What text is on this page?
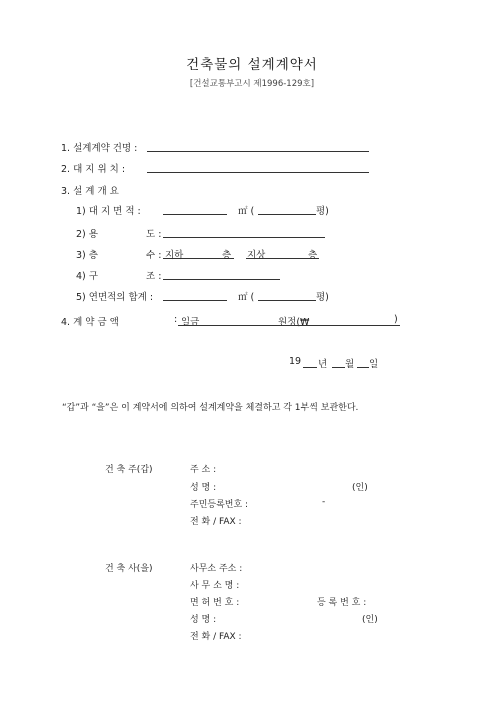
건축물의 설계계약서
[건설교통부고시 제1996-129호]
1. 설계계약 건명 :
2. 대 지 위 치 :
3. 설 계 개 요
1) 대 지 면 적 :	㎡ (	평)
2) 용	도 :
3) 층	수 : 지하	층 지상	층
4) 구	조 :
5) 연면적의 합계 :	㎡ (	평)
4. 계 약 금 액	: 일금	원정(₩	)
19 년 월 일
“갑”과 “을”은 이 계약서에 의하여 설계계약을 체결하고 각 1부씩 보관한다.
건 축 주(갑)	주 소 :
성 명 :	(인)
주민등록번호 :	-
전 화 / FAX :
건 축 사(을)	사무소 주소 :
사 무 소 명 :
면 허 번 호 :	등 록 번 호 :
성 명 :	(인)
전 화 / FAX :
